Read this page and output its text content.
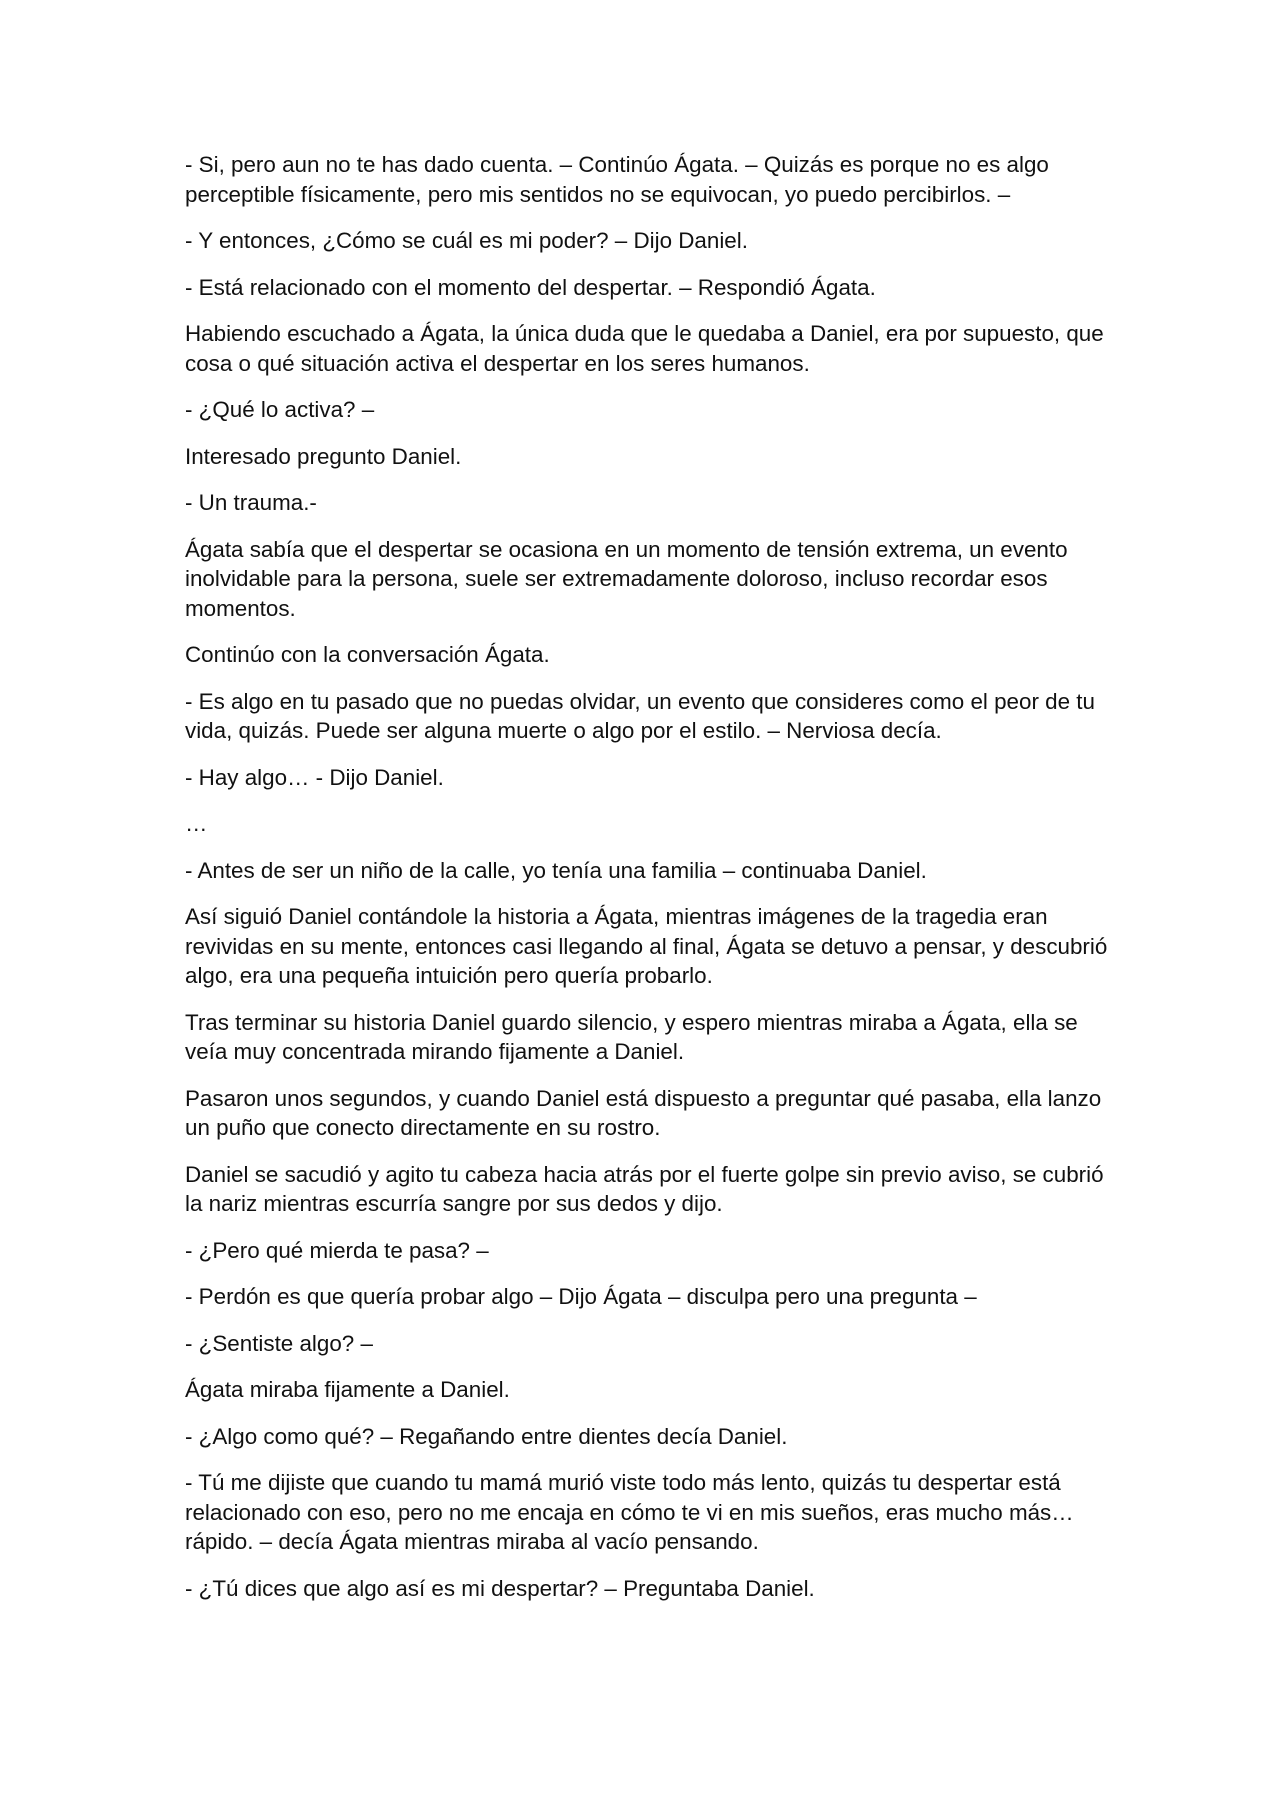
- Si, pero aun no te has dado cuenta. – Continúo Ágata. – Quizás es porque no es algo perceptible físicamente, pero mis sentidos no se equivocan, yo puedo percibirlos. –

- Y entonces, ¿Cómo se cuál es mi poder? – Dijo Daniel.

- Está relacionado con el momento del despertar. – Respondió Ágata.

Habiendo escuchado a Ágata, la única duda que le quedaba a Daniel, era por supuesto, que  cosa o qué situación activa el despertar en los seres humanos.

- ¿Qué lo activa? –

Interesado pregunto Daniel.

- Un trauma.-

Ágata sabía que el despertar se ocasiona en un momento de tensión extrema, un evento inolvidable para la persona, suele ser extremadamente doloroso, incluso recordar esos momentos.

Continúo con la conversación Ágata.

- Es algo en tu pasado que no puedas olvidar, un evento que consideres como el peor de tu vida, quizás. Puede ser alguna muerte o algo por el estilo. – Nerviosa decía.

- Hay algo… - Dijo Daniel.

…

- Antes de ser un niño de la calle, yo tenía una familia – continuaba Daniel.

Así siguió Daniel contándole la historia a Ágata, mientras imágenes de la tragedia eran revividas en su mente, entonces casi llegando al final, Ágata se detuvo a pensar, y descubrió algo, era una pequeña intuición pero quería probarlo.

Tras terminar su historia Daniel guardo silencio, y espero mientras miraba a Ágata, ella se veía muy concentrada mirando fijamente a Daniel.

Pasaron unos segundos, y cuando Daniel está dispuesto a preguntar qué pasaba, ella lanzo un puño que conecto directamente en su rostro.

Daniel se sacudió y agito tu cabeza hacia atrás por el fuerte golpe sin previo aviso, se cubrió la nariz mientras escurría sangre por sus dedos y dijo.

- ¿Pero qué mierda te pasa? –

- Perdón es que quería probar algo – Dijo Ágata – disculpa pero una pregunta –

- ¿Sentiste algo? –

Ágata miraba fijamente a Daniel.

- ¿Algo como qué? – Regañando entre dientes decía Daniel.

- Tú me dijiste que cuando tu mamá murió viste todo más lento, quizás tu despertar está relacionado con eso, pero no me encaja en cómo te vi en mis sueños, eras mucho más… rápido. – decía Ágata mientras miraba al vacío pensando.

- ¿Tú dices que algo así es mi despertar? – Preguntaba Daniel.
